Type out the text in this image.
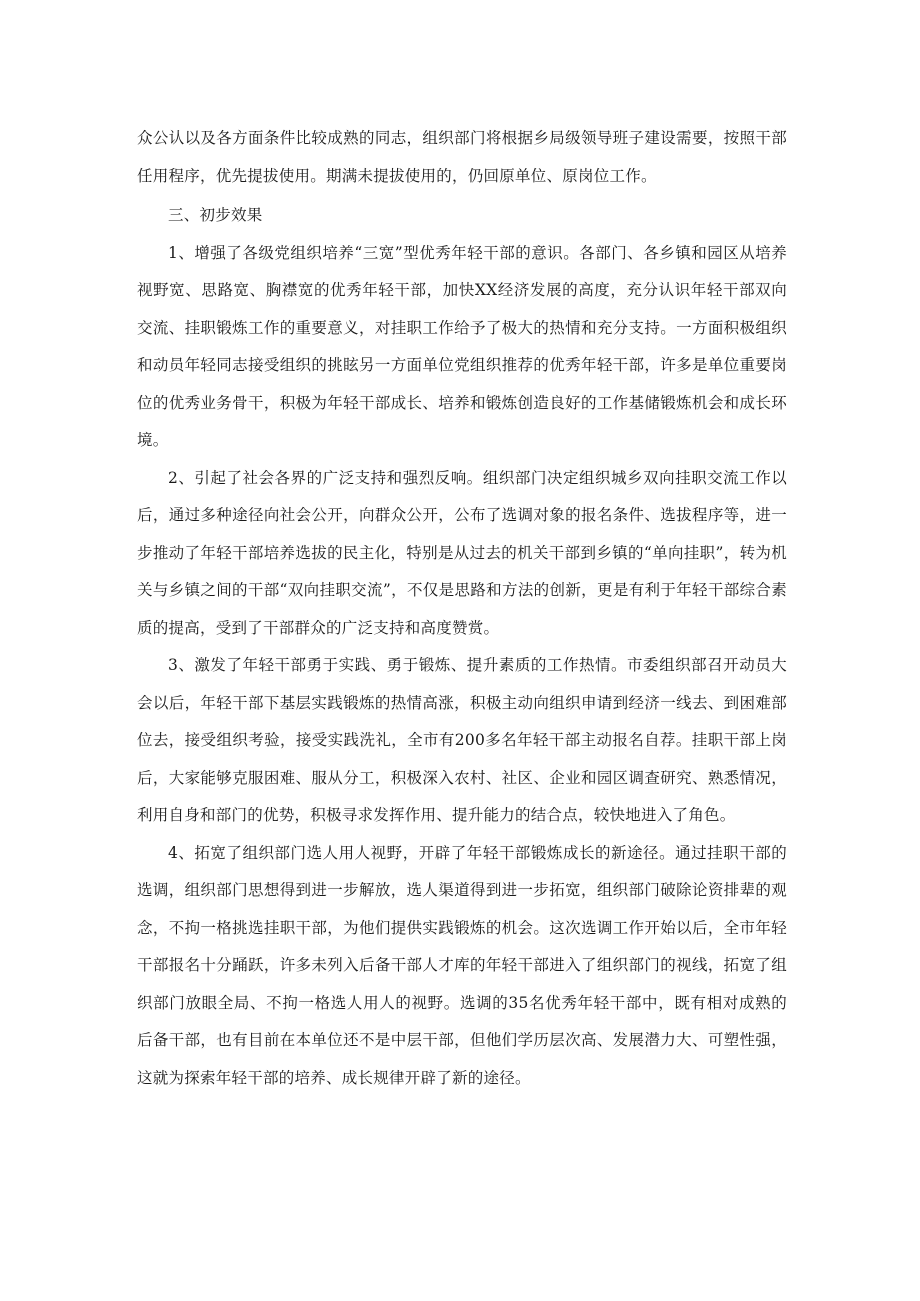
众公认以及各方面条件比较成熟的同志，组织部门将根据乡局级领导班子建设需要，按照干部任用程序，优先提拔使用。期满未提拔使用的，仍回原单位、原岗位工作。

三、初步效果

1、增强了各级党组织培养“三宽”型优秀年轻干部的意识。各部门、各乡镇和园区从培养视野宽、思路宽、胸襟宽的优秀年轻干部，加快XX经济发展的高度，充分认识年轻干部双向交流、挂职锻炼工作的重要意义，对挂职工作给予了极大的热情和充分支持。一方面积极组织和动员年轻同志接受组织的挑眩另一方面单位党组织推荐的优秀年轻干部，许多是单位重要岗位的优秀业务骨干，积极为年轻干部成长、培养和锻炼创造良好的工作基储锻炼机会和成长环境。

2、引起了社会各界的广泛支持和强烈反响。组织部门决定组织城乡双向挂职交流工作以后，通过多种途径向社会公开，向群众公开，公布了选调对象的报名条件、选拔程序等，进一步推动了年轻干部培养选拔的民主化，特别是从过去的机关干部到乡镇的“单向挂职”，转为机关与乡镇之间的干部“双向挂职交流”，不仅是思路和方法的创新，更是有利于年轻干部综合素质的提高，受到了干部群众的广泛支持和高度赞赏。

3、激发了年轻干部勇于实践、勇于锻炼、提升素质的工作热情。市委组织部召开动员大会以后，年轻干部下基层实践锻炼的热情高涨，积极主动向组织申请到经济一线去、到困难部位去，接受组织考验，接受实践洗礼，全市有200多名年轻干部主动报名自荐。挂职干部上岗后，大家能够克服困难、服从分工，积极深入农村、社区、企业和园区调查研究、熟悉情况，利用自身和部门的优势，积极寻求发挥作用、提升能力的结合点，较快地进入了角色。

4、拓宽了组织部门选人用人视野，开辟了年轻干部锻炼成长的新途径。通过挂职干部的选调，组织部门思想得到进一步解放，选人渠道得到进一步拓宽，组织部门破除论资排辈的观念，不拘一格挑选挂职干部，为他们提供实践锻炼的机会。这次选调工作开始以后，全市年轻干部报名十分踊跃，许多未列入后备干部人才库的年轻干部进入了组织部门的视线，拓宽了组织部门放眼全局、不拘一格选人用人的视野。选调的35名优秀年轻干部中，既有相对成熟的后备干部，也有目前在本单位还不是中层干部，但他们学历层次高、发展潜力大、可塑性强，这就为探索年轻干部的培养、成长规律开辟了新的途径。
